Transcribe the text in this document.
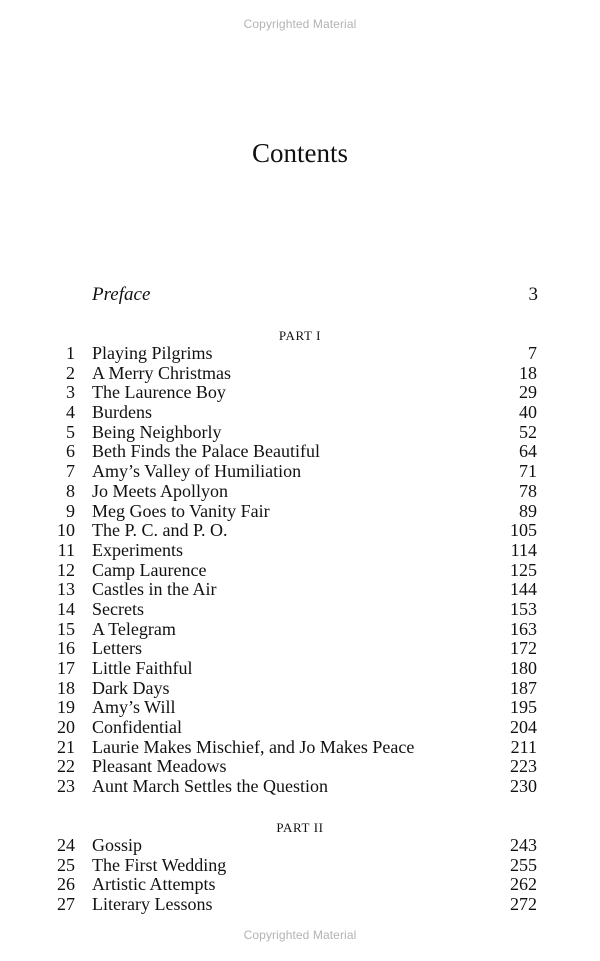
Copyrighted Material
Contents
Preface	3
PART I
1 Playing Pilgrims	7
2 A Merry Christmas	18
3 The Laurence Boy	29
4 Burdens	40
5 Being Neighborly	52
6 Beth Finds the Palace Beautiful	64
7 Amy’s Valley of Humiliation	71
8 Jo Meets Apollyon	78
9 Meg Goes to Vanity Fair	89
10 The P. C. and P. O.	105
11 Experiments	114
12 Camp Laurence	125
13 Castles in the Air	144
14 Secrets	153
15 A Telegram	163
16 Letters	172
17 Little Faithful	180
18 Dark Days	187
19 Amy’s Will	195
20 Confidential	204
21 Laurie Makes Mischief, and Jo Makes Peace	211
22 Pleasant Meadows	223
23 Aunt March Settles the Question	230
PART II
24 Gossip	243
25 The First Wedding	255
26 Artistic Attempts	262
27 Literary Lessons	272
Copyrighted Material
